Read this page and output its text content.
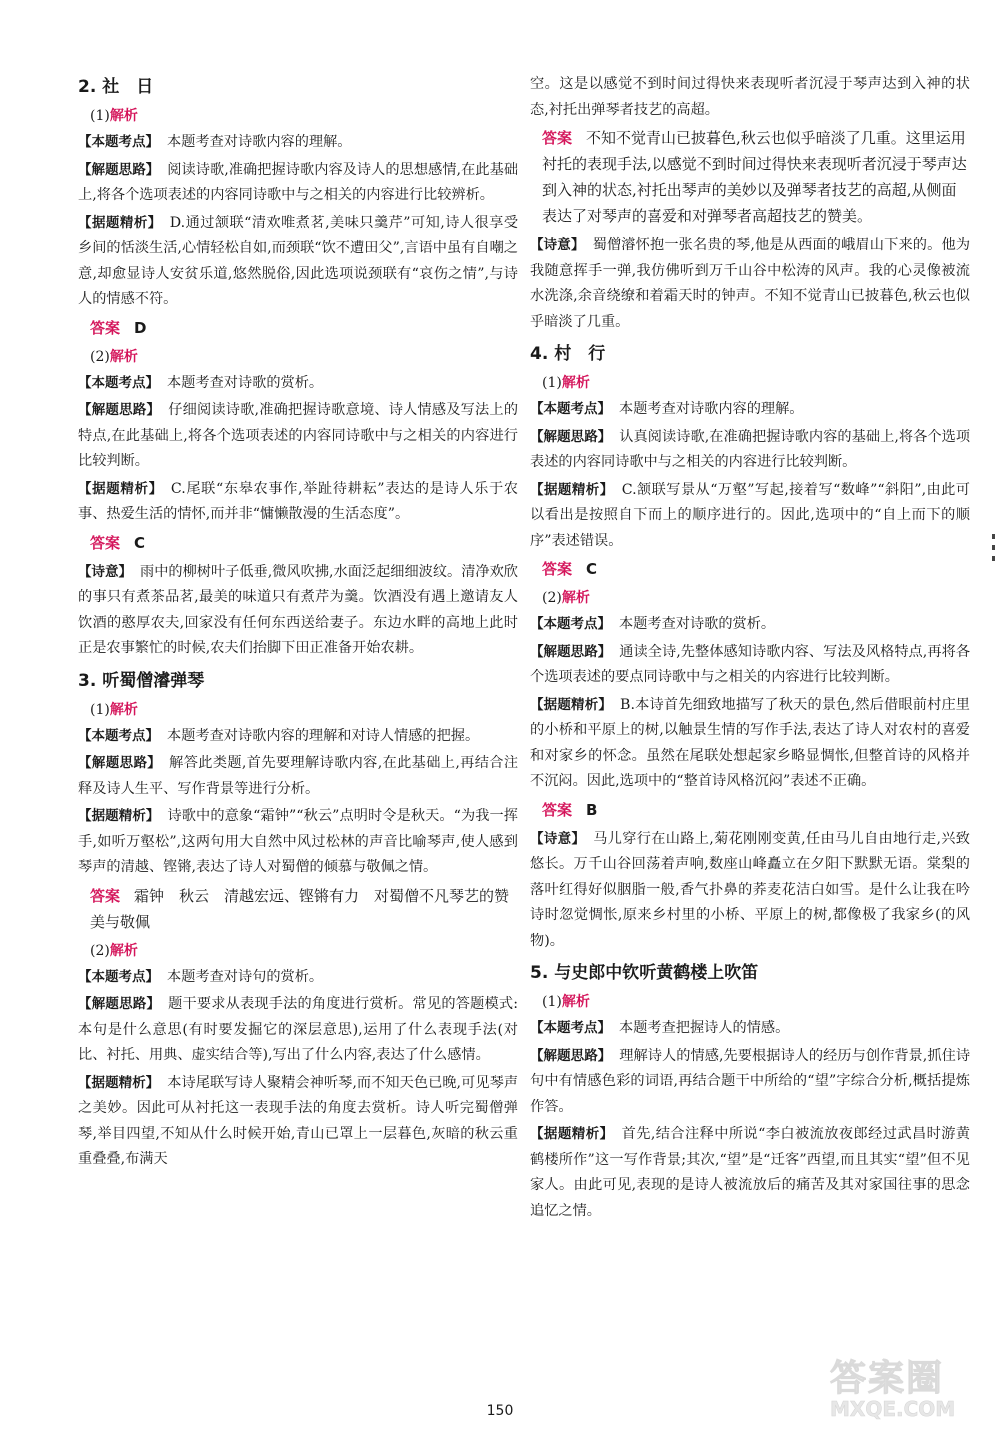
2. 社　日
(1)解析

【本题考点】 本题考查对诗歌内容的理解。

【解题思路】 阅读诗歌,准确把握诗歌内容及诗人的思想感情,在此基础上,将各个选项表述的内容同诗歌中与之相关的内容进行比较辨析。

【据题精析】 D.通过颔联“清欢唯煮茗,美味只羹芹”可知,诗人很享受乡间的恬淡生活,心情轻松自如,而颈联“饮不遭田父”,言语中虽有自嘲之意,却愈显诗人安贫乐道,悠然脱俗,因此选项说颈联有“哀伤之情”,与诗人的情感不符。

答案 D
(2)解析

【本题考点】 本题考查对诗歌的赏析。

【解题思路】 仔细阅读诗歌,准确把握诗歌意境、诗人情感及写法上的特点,在此基础上,将各个选项表述的内容同诗歌中与之相关的内容进行比较判断。

【据题精析】 C.尾联“东皋农事作,举趾待耕耘”表达的是诗人乐于农事、热爱生活的情怀,而并非“慵懒散漫的生活态度”。

答案 C

【诗意】 雨中的柳树叶子低垂,微风吹拂,水面泛起细细波纹。清净欢欣的事只有煮茶品茗,最美的味道只有煮芹为羹。饮酒没有遇上邀请友人饮酒的憨厚农夫,回家没有任何东西送给妻子。东边水畔的高地上此时正是农事繁忙的时候,农夫们抬脚下田正准备开始农耕。

3. 听蜀僧濬弹琴
(1)解析

【本题考点】 本题考查对诗歌内容的理解和对诗人情感的把握。

【解题思路】 解答此类题,首先要理解诗歌内容,在此基础上,再结合注释及诗人生平、写作背景等进行分析。

【据题精析】 诗歌中的意象“霜钟”“秋云”点明时令是秋天。“为我一挥手,如听万壑松”,这两句用大自然中风过松林的声音比喻琴声,使人感到琴声的清越、铿锵,表达了诗人对蜀僧的倾慕与敬佩之情。

答案 霜钟　秋云　清越宏远、铿锵有力　对蜀僧不凡琴艺的赞美与敬佩
(2)解析

【本题考点】 本题考查对诗句的赏析。

【解题思路】 题干要求从表现手法的角度进行赏析。常见的答题模式:本句是什么意思(有时要发掘它的深层意思),运用了什么表现手法(对比、衬托、用典、虚实结合等),写出了什么内容,表达了什么感情。

【据题精析】 本诗尾联写诗人聚精会神听琴,而不知天色已晚,可见琴声之美妙。因此可从衬托这一表现手法的角度去赏析。诗人听完蜀僧弹琴,举目四望,不知从什么时候开始,青山已罩上一层暮色,灰暗的秋云重重叠叠,布满天

空。这是以感觉不到时间过得快来表现听者沉浸于琴声达到入神的状态,衬托出弹琴者技艺的高超。

答案 不知不觉青山已披暮色,秋云也似乎暗淡了几重。这里运用衬托的表现手法,以感觉不到时间过得快来表现听者沉浸于琴声达到入神的状态,衬托出琴声的美妙以及弹琴者技艺的高超,从侧面表达了对琴声的喜爱和对弹琴者高超技艺的赞美。

【诗意】 蜀僧濬怀抱一张名贵的琴,他是从西面的峨眉山下来的。他为我随意挥手一弹,我仿佛听到万千山谷中松涛的风声。我的心灵像被流水洗涤,余音绕缭和着霜天时的钟声。不知不觉青山已披暮色,秋云也似乎暗淡了几重。

4. 村　行
(1)解析

【本题考点】 本题考查对诗歌内容的理解。

【解题思路】 认真阅读诗歌,在准确把握诗歌内容的基础上,将各个选项表述的内容同诗歌中与之相关的内容进行比较判断。

【据题精析】 C.颔联写景从“万壑”写起,接着写“数峰”“斜阳”,由此可以看出是按照自下而上的顺序进行的。因此,选项中的“自上而下的顺序”表述错误。

答案 C
(2)解析

【本题考点】 本题考查对诗歌的赏析。

【解题思路】 通读全诗,先整体感知诗歌内容、写法及风格特点,再将各个选项表述的要点同诗歌中与之相关的内容进行比较判断。

【据题精析】 B.本诗首先细致地描写了秋天的景色,然后借眼前村庄里的小桥和平原上的树,以触景生情的写作手法,表达了诗人对农村的喜爱和对家乡的怀念。虽然在尾联处想起家乡略显惆怅,但整首诗的风格并不沉闷。因此,选项中的“整首诗风格沉闷”表述不正确。

答案 B

【诗意】 马儿穿行在山路上,菊花刚刚变黄,任由马儿自由地行走,兴致悠长。万千山谷回荡着声响,数座山峰矗立在夕阳下默默无语。棠梨的落叶红得好似胭脂一般,香气扑鼻的荞麦花洁白如雪。是什么让我在吟诗时忽觉惆怅,原来乡村里的小桥、平原上的树,都像极了我家乡(的风物)。

5. 与史郎中钦听黄鹤楼上吹笛
(1)解析

【本题考点】 本题考查把握诗人的情感。

【解题思路】 理解诗人的情感,先要根据诗人的经历与创作背景,抓住诗句中有情感色彩的词语,再结合题干中所给的“望”字综合分析,概括提炼作答。

【据题精析】 首先,结合注释中所说“李白被流放夜郎经过武昌时游黄鹤楼所作”这一写作背景;其次,“望”是“迁客”西望,而且其实“望”但不见家人。由此可见,表现的是诗人被流放后的痛苦及其对家国往事的思念追忆之情。

150
答案圈
MXQE.COM
